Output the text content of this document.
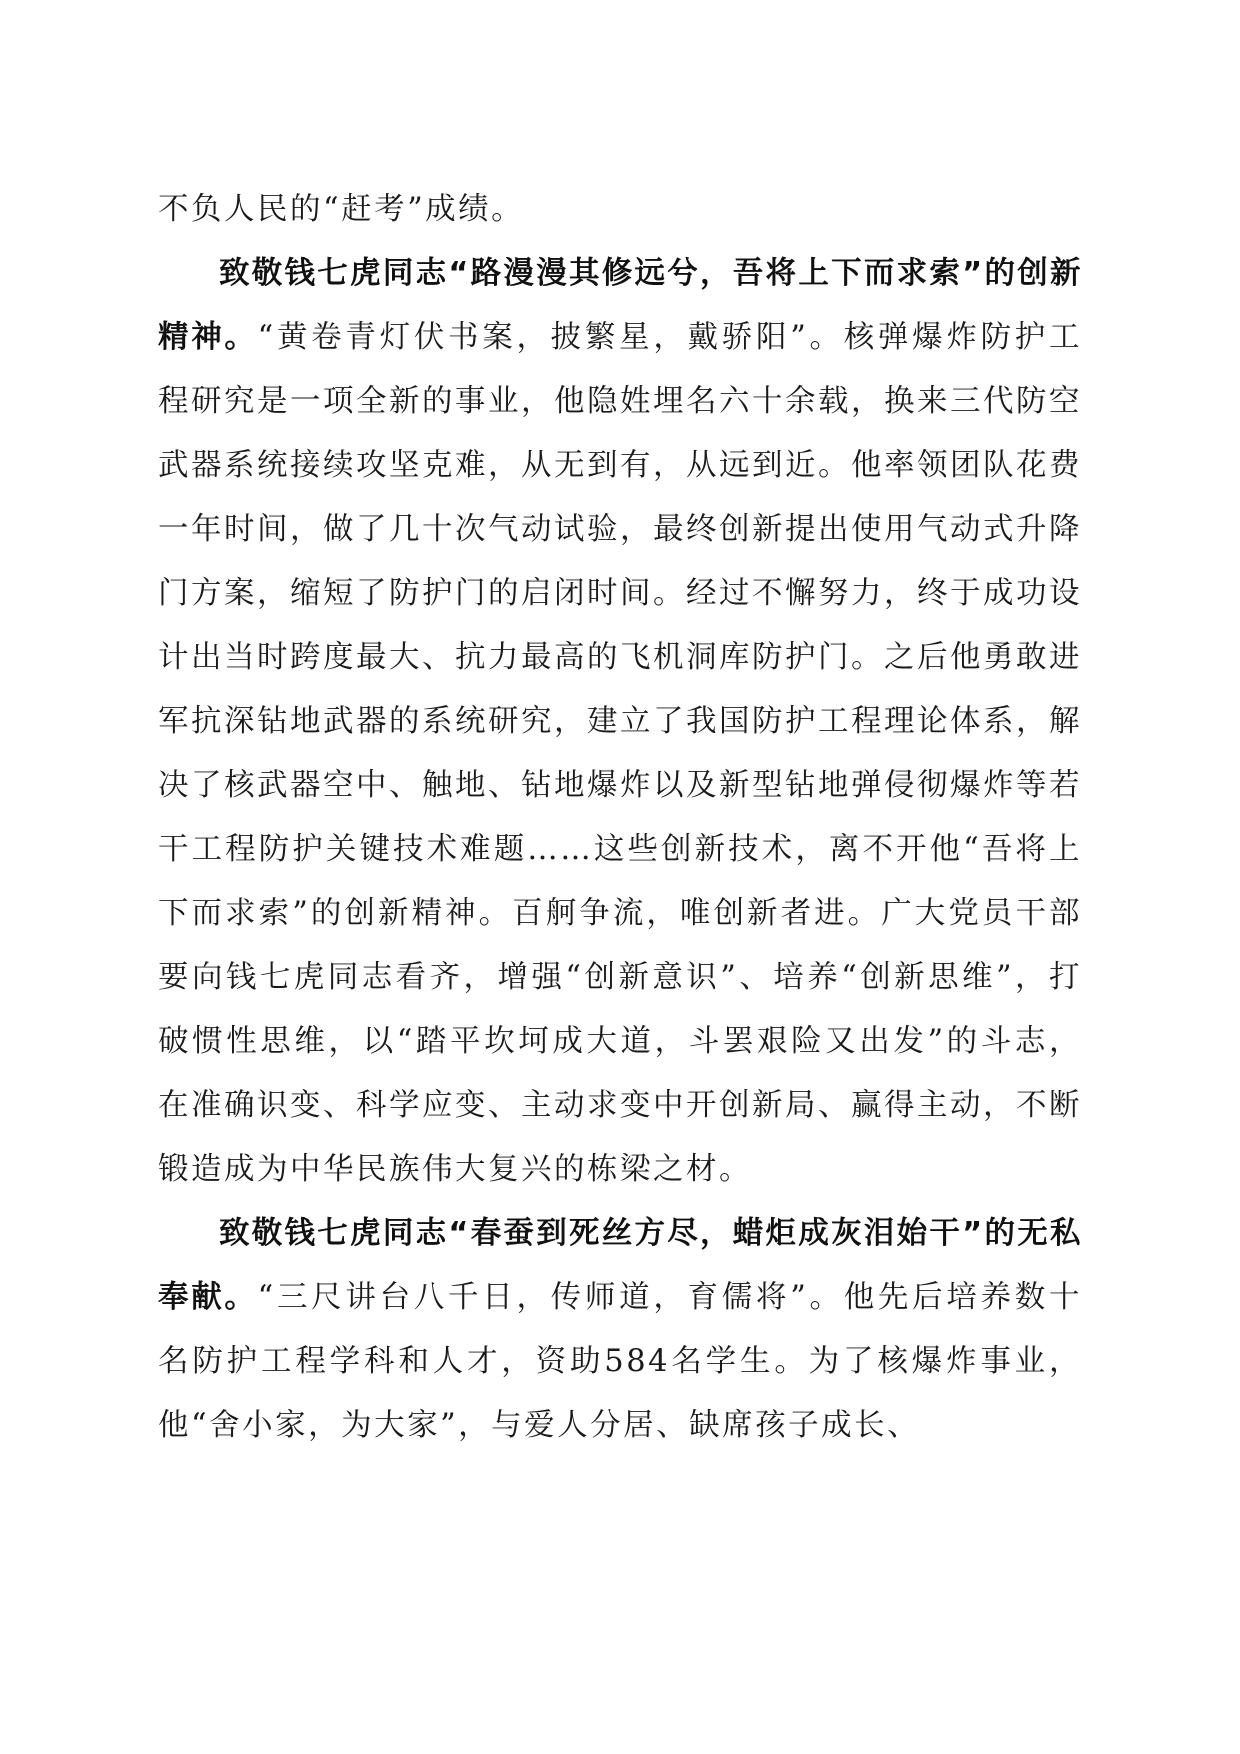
不负人民的“赶考”成绩。

致敬钱七虎同志“路漫漫其修远兮，吾将上下而求索”的创新精神。“黄卷青灯伏书案，披繁星，戴骄阳”。核弹爆炸防护工程研究是一项全新的事业，他隐姓埋名六十余载，换来三代防空武器系统接续攻坚克难，从无到有，从远到近。他率领团队花费一年时间，做了几十次气动试验，最终创新提出使用气动式升降门方案，缩短了防护门的启闭时间。经过不懈努力，终于成功设计出当时跨度最大、抗力最高的飞机洞库防护门。之后他勇敢进军抗深钻地武器的系统研究，建立了我国防护工程理论体系，解决了核武器空中、触地、钻地爆炸以及新型钻地弹侵彻爆炸等若干工程防护关键技术难题……这些创新技术，离不开他“吾将上下而求索”的创新精神。百舸争流，唯创新者进。广大党员干部要向钱七虎同志看齐，增强“创新意识”、培养“创新思维”，打破惯性思维，以“踏平坎坷成大道，斗罢艰险又出发”的斗志，在准确识变、科学应变、主动求变中开创新局、赢得主动，不断锻造成为中华民族伟大复兴的栋梁之材。

致敬钱七虎同志“春蚕到死丝方尽，蜡炬成灰泪始干”的无私奉献。“三尺讲台八千日，传师道，育儒将”。他先后培养数十名防护工程学科和人才，资助584名学生。为了核爆炸事业，他“舍小家，为大家”，与爱人分居、缺席孩子成长、
